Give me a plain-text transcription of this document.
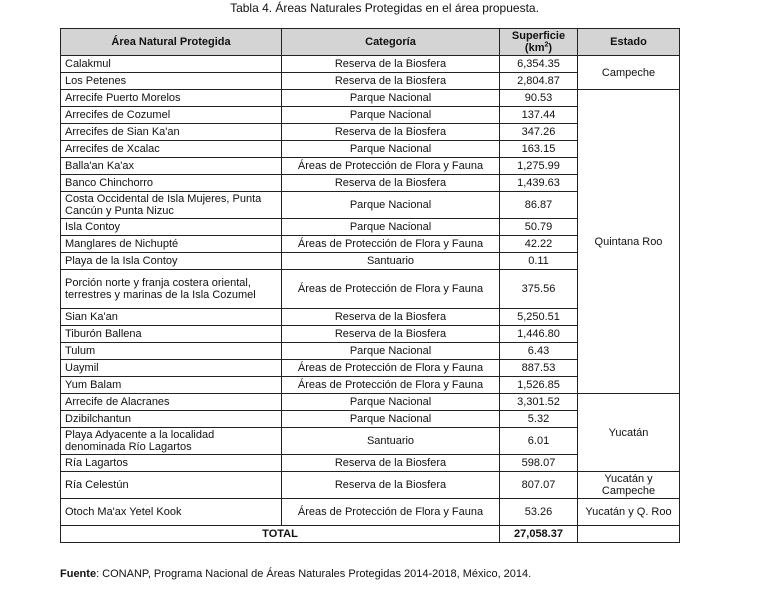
Tabla 4. Áreas Naturales Protegidas en el área propuesta.
Área Natural Protegida	Categoría	Superficie $(km^2)$	Estado
Calakmul	Reserva de la Biosfera	6,354.35	Campeche
Los Petenes	Reserva de la Biosfera	2,804.87	
Arrecife Puerto Morelos	Parque Nacional	90.53	Quintana Roo
Arrecifes de Cozumel	Parque Nacional	137.44	
Arrecifes de Sian Ka'an	Reserva de la Biosfera	347.26	
Arrecifes de Xcalac	Parque Nacional	163.15	
Balla'an Ka'ax	Áreas de Protección de Flora y Fauna	1,275.99	
Banco Chinchorro	Reserva de la Biosfera	1,439.63	
Costa Occidental de Isla Mujeres, Punta Cancún y Punta Nizuc	Parque Nacional	86.87	
Isla Contoy	Parque Nacional	50.79	
Manglares de Nichupté	Áreas de Protección de Flora y Fauna	42.22	
Playa de la Isla Contoy	Santuario	0.11	
Porción norte y franja costera oriental, terrestres y marinas de la Isla Cozumel	Áreas de Protección de Flora y Fauna	375.56	
Sian Ka'an	Reserva de la Biosfera	5,250.51	
Tiburón Ballena	Reserva de la Biosfera	1,446.80	
Tulum	Parque Nacional	6.43	
Uaymil	Áreas de Protección de Flora y Fauna	887.53	
Yum Balam	Áreas de Protección de Flora y Fauna	1,526.85	
Arrecife de Alacranes	Parque Nacional	3,301.52	Yucatán
Dzibilchantun	Parque Nacional	5.32	
Playa Adyacente a la localidad denominada Río Lagartos	Santuario	6.01	
Ría Lagartos	Reserva de la Biosfera	598.07	
Ría Celestún	Reserva de la Biosfera	807.07	Yucatán y Campeche
Otoch Ma'ax Yetel Kook	Áreas de Protección de Flora y Fauna	53.26	Yucatán y Q. Roo
TOTAL		27,058.37	
Fuente: CONANP, Programa Nacional de Áreas Naturales Protegidas 2014-2018, México, 2014.
